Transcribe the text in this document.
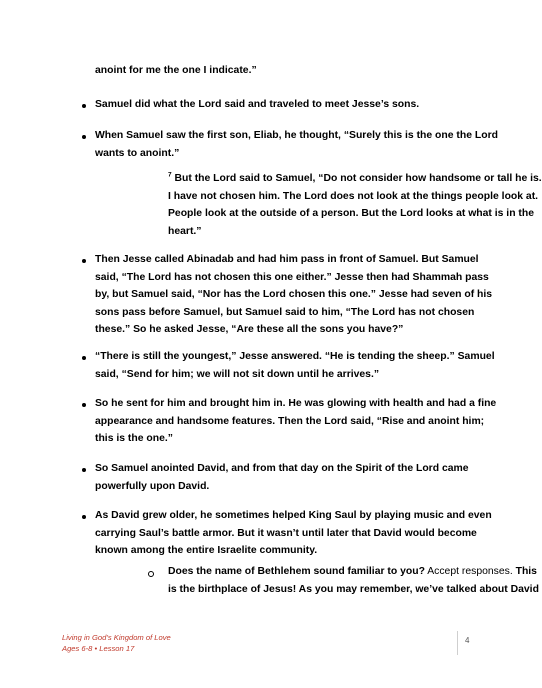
anoint for me the one I indicate.”
Samuel did what the Lord said and traveled to meet Jesse’s sons.
When Samuel saw the first son, Eliab, he thought, “Surely this is the one the Lord
wants to anoint.”
$^7$ But the Lord said to Samuel, “Do not consider how handsome or tall he is.
I have not chosen him. The Lord does not look at the things people look at.
People look at the outside of a person. But the Lord looks at what is in the
heart.”
Then Jesse called Abinadab and had him pass in front of Samuel. But Samuel
said, “The Lord has not chosen this one either.” Jesse then had Shammah pass
by, but Samuel said, “Nor has the Lord chosen this one.” Jesse had seven of his
sons pass before Samuel, but Samuel said to him, “The Lord has not chosen
these.” So he asked Jesse, “Are these all the sons you have?”
“There is still the youngest,” Jesse answered. “He is tending the sheep.” Samuel
said, “Send for him; we will not sit down until he arrives.”
So he sent for him and brought him in. He was glowing with health and had a fine
appearance and handsome features. Then the Lord said, “Rise and anoint him;
this is the one.”
So Samuel anointed David, and from that day on the Spirit of the Lord came
powerfully upon David.
As David grew older, he sometimes helped King Saul by playing music and even
carrying Saul’s battle armor. But it wasn’t until later that David would become
known among the entire Israelite community.
Does the name of Bethlehem sound familiar to you? Accept responses. This
is the birthplace of Jesus! As you may remember, we’ve talked about David
Living in God’s Kingdom of Love
Ages 6-8 • Lesson 17
4
